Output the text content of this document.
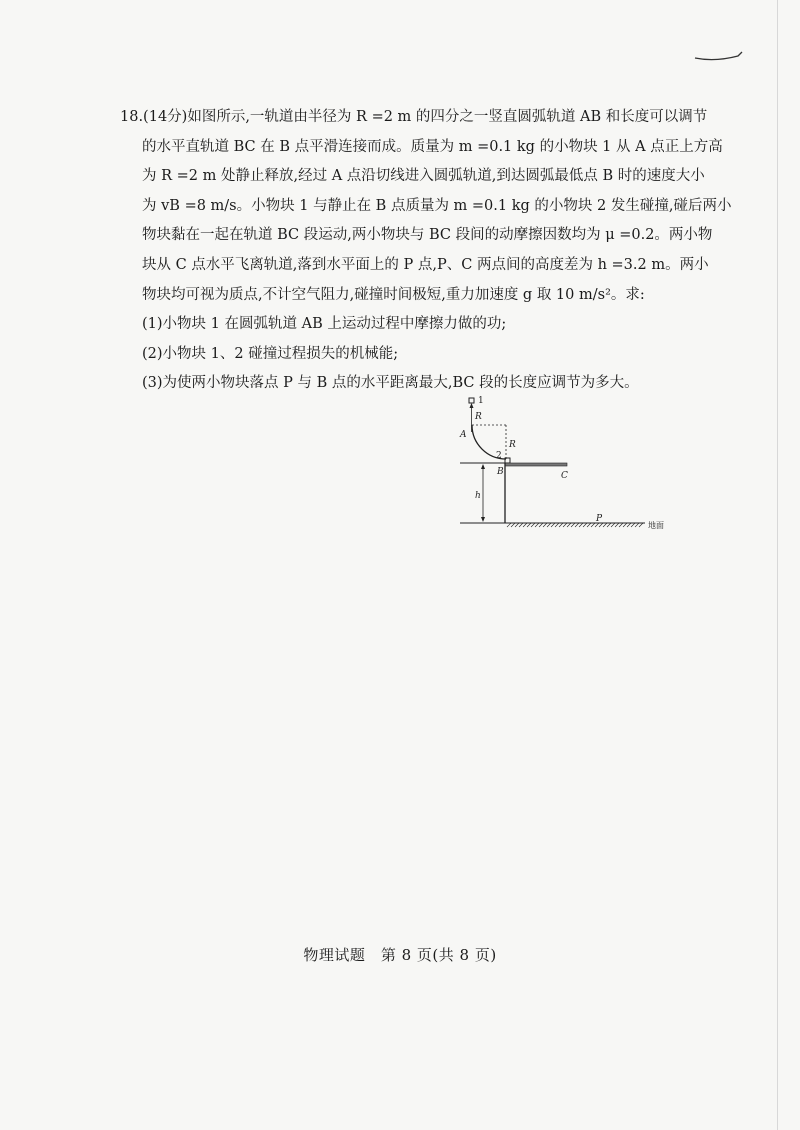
18.(14分)如图所示,一轨道由半径为 R =2 m 的四分之一竖直圆弧轨道 AB 和长度可以调节
的水平直轨道 BC 在 B 点平滑连接而成。质量为 m =0.1 kg 的小物块 1 从 A 点正上方高
为 R =2 m 处静止释放,经过 A 点沿切线进入圆弧轨道,到达圆弧最低点 B 时的速度大小
为 vB =8 m/s。小物块 1 与静止在 B 点质量为 m =0.1 kg 的小物块 2 发生碰撞,碰后两小
物块黏在一起在轨道 BC 段运动,两小物块与 BC 段间的动摩擦因数均为 μ =0.2。两小物
块从 C 点水平飞离轨道,落到水平面上的 P 点,P、C 两点间的高度差为 h =3.2 m。两小
物块均可视为质点,不计空气阻力,碰撞时间极短,重力加速度 g 取 10 m/s²。求:

(1)小物块 1 在圆弧轨道 AB 上运动过程中摩擦力做的功;
(2)小物块 1、2 碰撞过程损失的机械能;
(3)为使两小物块落点 P 与 B 点的水平距离最大,BC 段的长度应调节为多大。

1
R
A
R
2
B	C
h
P
地面
物理试题　第 8 页(共 8 页)
